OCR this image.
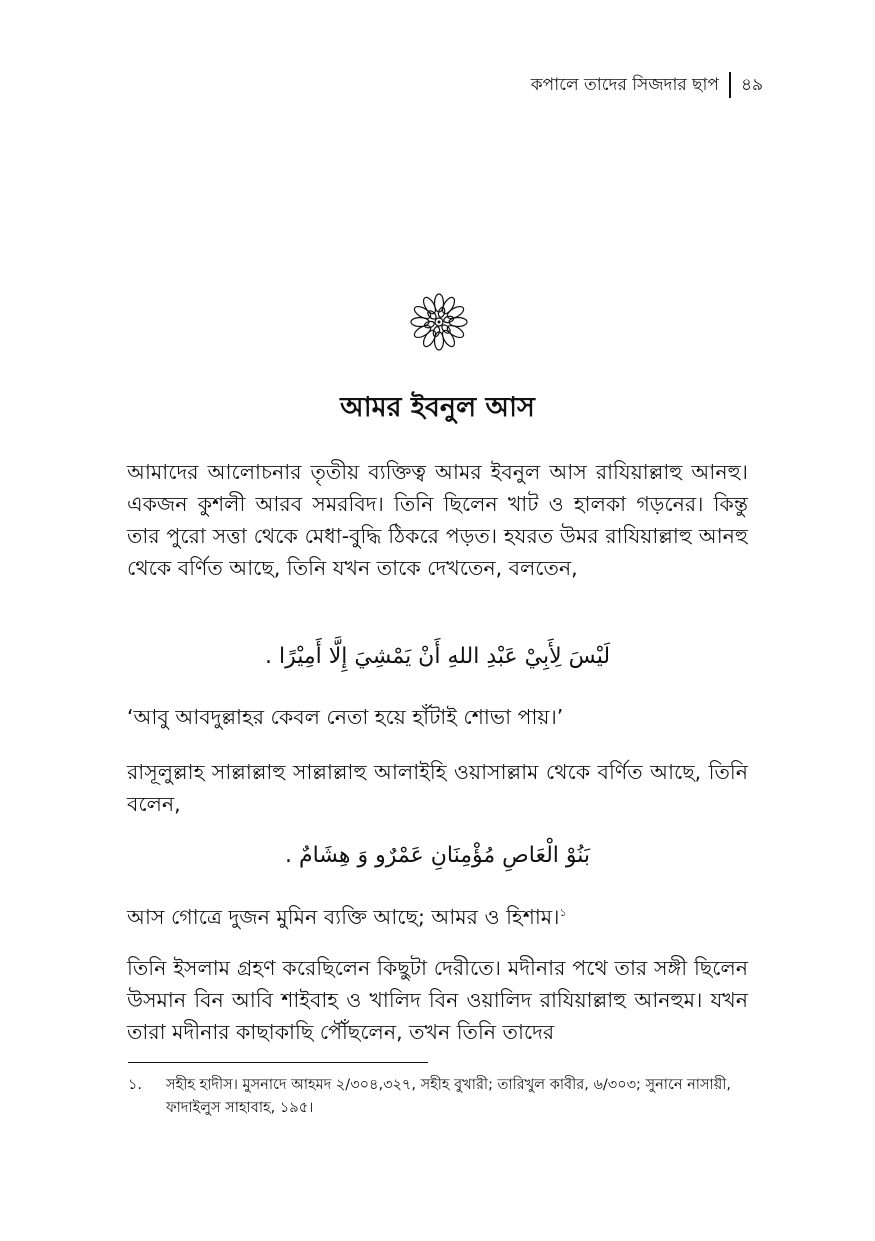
কপালে তাদের সিজদার ছাপ ৪৯
আমর ইবনুল আস

আমাদের আলোচনার তৃতীয় ব্যক্তিত্ব আমর ইবনুল আস রাযিয়াল্লাহু আনহু। একজন কুশলী আরব সমরবিদ। তিনি ছিলেন খাট ও হালকা গড়নের। কিন্তু তার পুরো সত্তা থেকে মেধা-বুদ্ধি ঠিকরে পড়ত। হযরত উমর রাযিয়াল্লাহু আনহু থেকে বর্ণিত আছে, তিনি যখন তাকে দেখতেন, বলতেন,

لَيْسَ لِأَبِيْ عَبْدِ اللهِ أَنْ يَمْشِيَ إِلَّا أَمِيْرًا .

‘আবু আবদুল্লাহর কেবল নেতা হয়ে হাঁটাই শোভা পায়।’

রাসূলুল্লাহ সাল্লাল্লাহু সাল্লাল্লাহু আলাইহি ওয়াসাল্লাম থেকে বর্ণিত আছে, তিনি বলেন,

بَنُوْ الْعَاصِ مُؤْمِنَانِ عَمْرٌو وَ هِشَامٌ .

আস গোত্রে দুজন মুমিন ব্যক্তি আছে; আমর ও হিশাম।$^১$

তিনি ইসলাম গ্রহণ করেছিলেন কিছুটা দেরীতে। মদীনার পথে তার সঙ্গী ছিলেন উসমান বিন আবি শাইবাহ ও খালিদ বিন ওয়ালিদ রাযিয়াল্লাহু আনহুম। যখন তারা মদীনার কাছাকাছি পৌঁছলেন, তখন তিনি তাদের

১.	সহীহ হাদীস। মুসনাদে আহমদ ২/৩০৪,৩২৭, সহীহ বুখারী; তারিখুল কাবীর, ৬/৩০৩; সুনানে নাসায়ী, ফাদাইলুস সাহাবাহ, ১৯৫।
